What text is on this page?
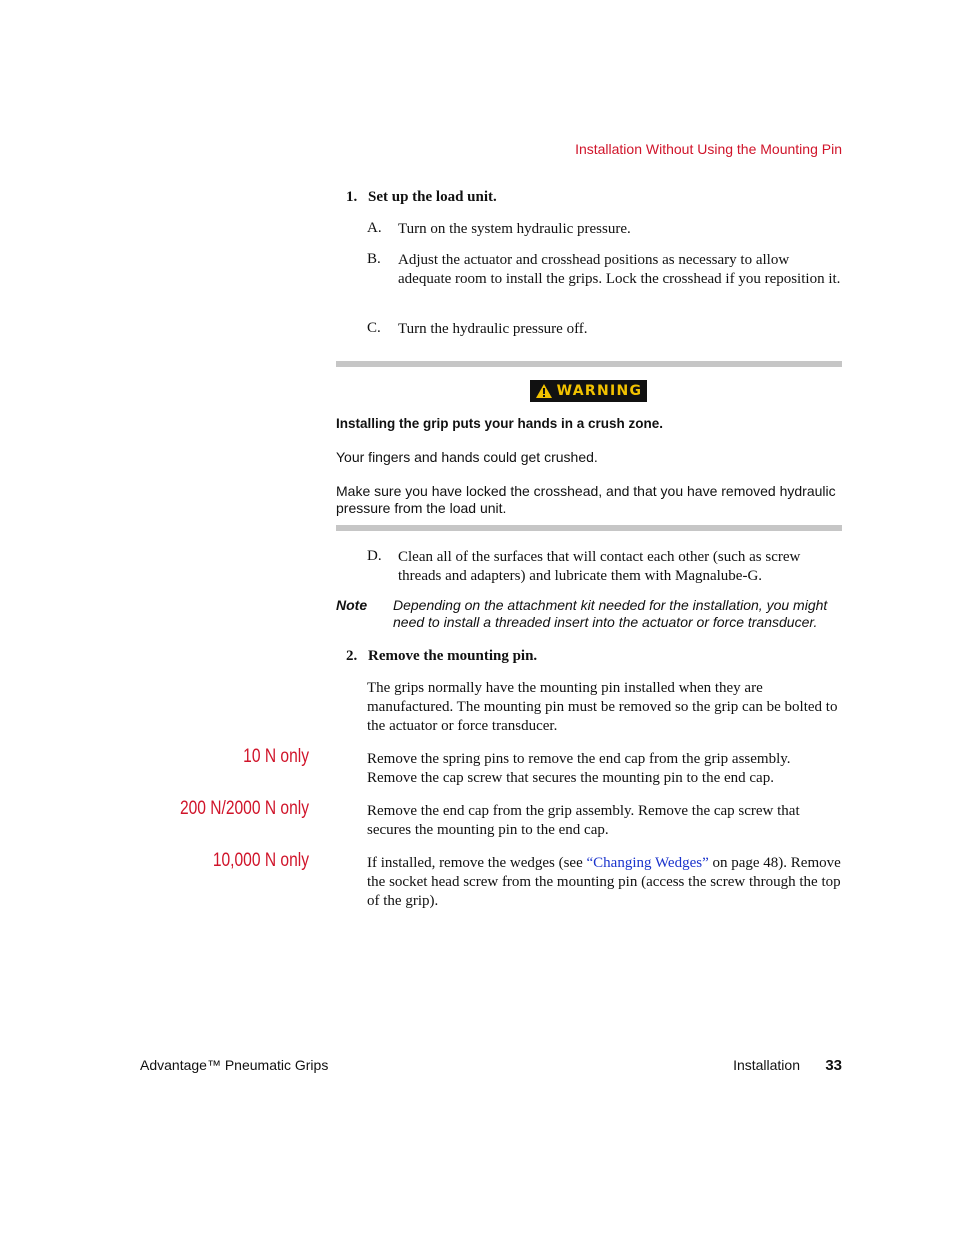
Installation Without Using the Mounting Pin
1. Set up the load unit.
A. Turn on the system hydraulic pressure.
B. Adjust the actuator and crosshead positions as necessary to allow adequate room to install the grips. Lock the crosshead if you reposition it.
C. Turn the hydraulic pressure off.
WARNING
Installing the grip puts your hands in a crush zone.
Your fingers and hands could get crushed.
Make sure you have locked the crosshead, and that you have removed hydraulic pressure from the load unit.
D. Clean all of the surfaces that will contact each other (such as screw threads and adapters) and lubricate them with Magnalube-G.
Note Depending on the attachment kit needed for the installation, you might need to install a threaded insert into the actuator or force transducer.
2. Remove the mounting pin.
The grips normally have the mounting pin installed when they are manufactured. The mounting pin must be removed so the grip can be bolted to the actuator or force transducer.
10 N only	Remove the spring pins to remove the end cap from the grip assembly. Remove the cap screw that secures the mounting pin to the end cap.
200 N/2000 N only	Remove the end cap from the grip assembly. Remove the cap screw that secures the mounting pin to the end cap.
10,000 N only	If installed, remove the wedges (see “Changing Wedges” on page 48). Remove the socket head screw from the mounting pin (access the screw through the top of the grip).
Advantage™ Pneumatic Grips	Installation	33
